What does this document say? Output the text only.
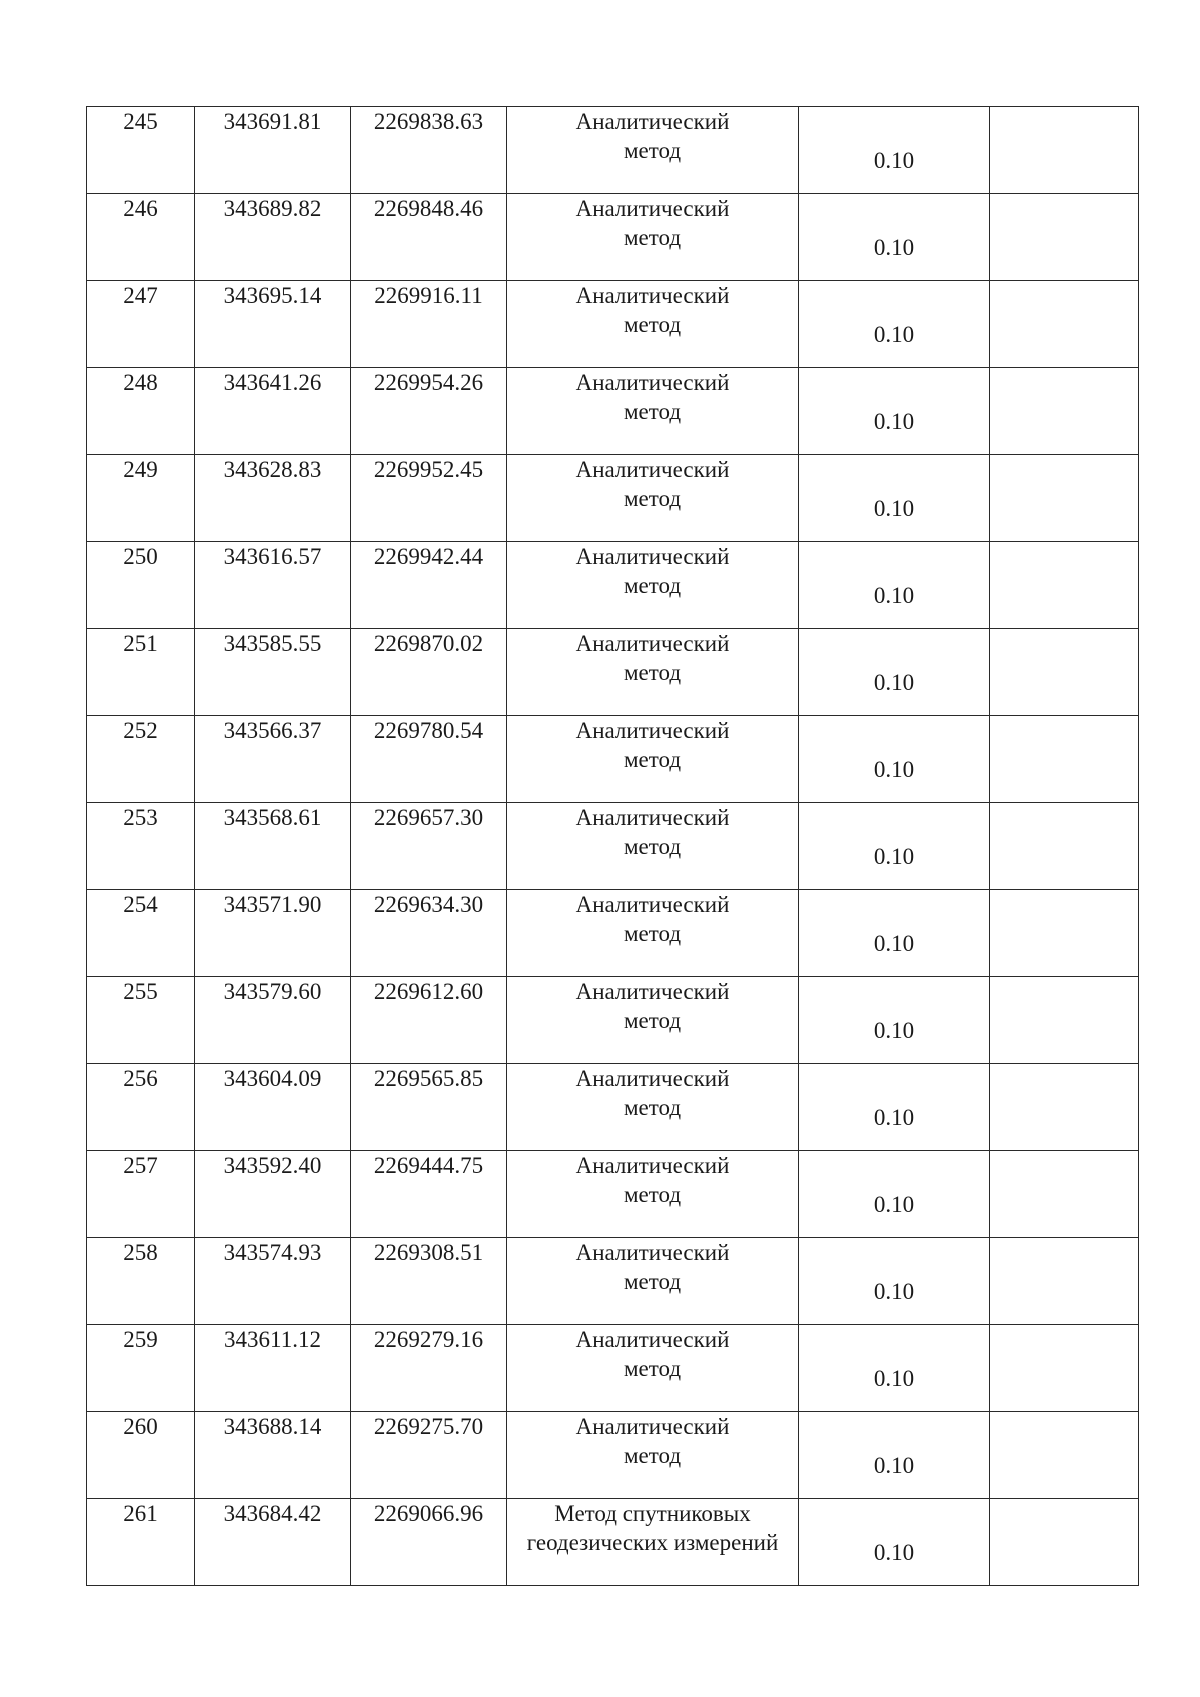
245	343691.81	2269838.63	Аналитический
метод	0.10	

246	343689.82	2269848.46	Аналитический
метод	0.10	

247	343695.14	2269916.11	Аналитический
метод	0.10	

248	343641.26	2269954.26	Аналитический
метод	0.10	

249	343628.83	2269952.45	Аналитический
метод	0.10	

250	343616.57	2269942.44	Аналитический
метод	0.10	

251	343585.55	2269870.02	Аналитический
метод	0.10	

252	343566.37	2269780.54	Аналитический
метод	0.10	

253	343568.61	2269657.30	Аналитический
метод	0.10	

254	343571.90	2269634.30	Аналитический
метод	0.10	

255	343579.60	2269612.60	Аналитический
метод	0.10	

256	343604.09	2269565.85	Аналитический
метод	0.10	

257	343592.40	2269444.75	Аналитический
метод	0.10	

258	343574.93	2269308.51	Аналитический
метод	0.10	

259	343611.12	2269279.16	Аналитический
метод	0.10	

260	343688.14	2269275.70	Аналитический
метод	0.10	

261	343684.42	2269066.96	Метод спутниковых
геодезических измерений	0.10	
